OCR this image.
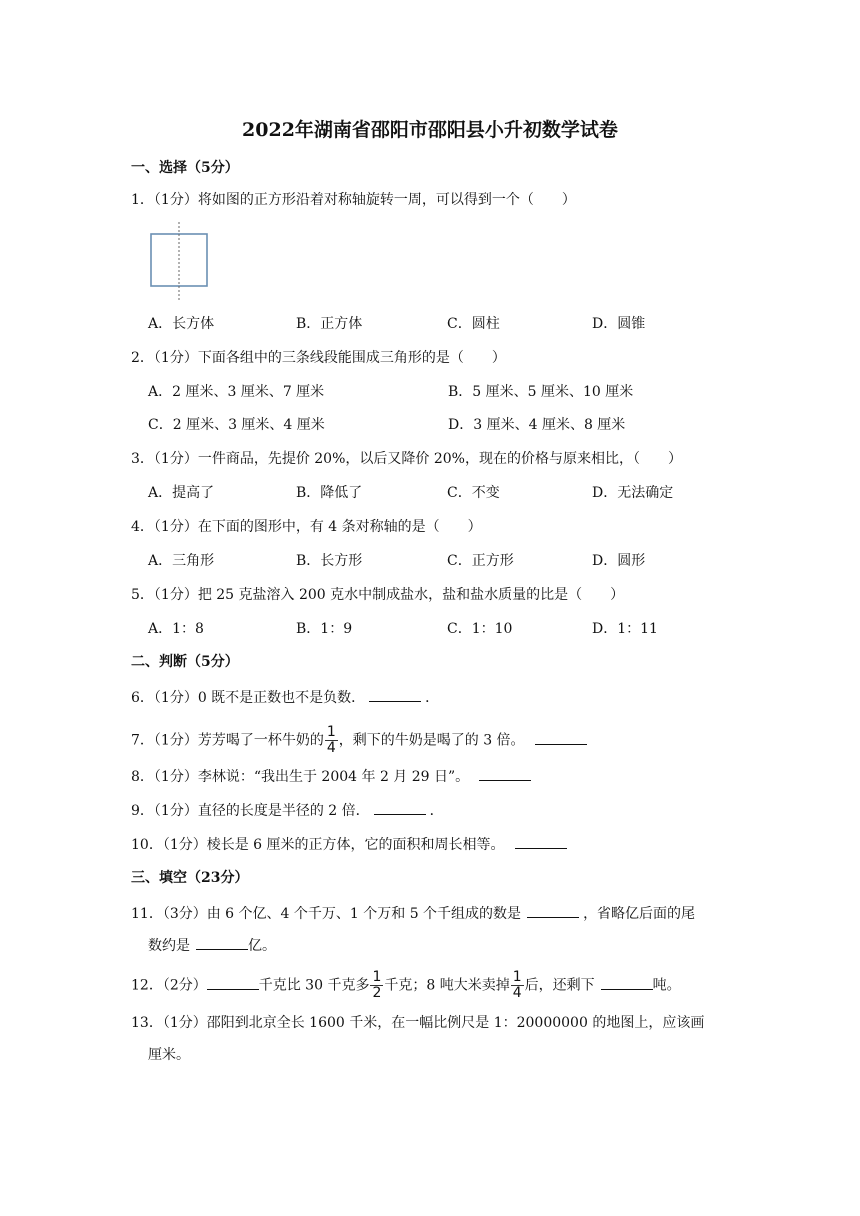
2022年湖南省邵阳市邵阳县小升初数学试卷
一、选择（5分）
1．（1分）将如图的正方形沿着对称轴旋转一周，可以得到一个（　　）
A．长方体	B．正方体	C．圆柱	D．圆锥
2．（1分）下面各组中的三条线段能围成三角形的是（　　）
A．2 厘米、3 厘米、7 厘米	B．5 厘米、5 厘米、10 厘米
C．2 厘米、3 厘米、4 厘米	D．3 厘米、4 厘米、8 厘米
3．（1分）一件商品，先提价 20%，以后又降价 20%，现在的价格与原来相比，（　　）
A．提高了	B．降低了	C．不变	D．无法确定
4．（1分）在下面的图形中，有 4 条对称轴的是（　　）
A．三角形	B．长方形	C．正方形	D．圆形
5．（1分）把 25 克盐溶入 200 克水中制成盐水，盐和盐水质量的比是（　　）
A．1：8	B．1：9	C．1：10	D．1：11
二、判断（5分）
6．（1分）0 既不是正数也不是负数．	．
7．（1分）芳芳喝了一杯牛奶的 $\frac{1}{4}$ ，剩下的牛奶是喝了的 3 倍。
8．（1分）李林说：“我出生于 2004 年 2 月 29 日”。
9．（1分）直径的长度是半径的 2 倍．	．
10．（1分）棱长是 6 厘米的正方体，它的面积和周长相等。
三、填空（23分）
11．（3分）由 6 个亿、4 个千万、1 个万和 5 个千组成的数是	，省略亿后面的尾
数约是	亿。
12．（2分）	千克比 30 千克多 $\frac{1}{2}$ 千克；8 吨大米卖掉 $\frac{1}{4}$ 后，还剩下	吨。
13．（1分）邵阳到北京全长 1600 千米，在一幅比例尺是 1：20000000 的地图上，应该画
厘米。
